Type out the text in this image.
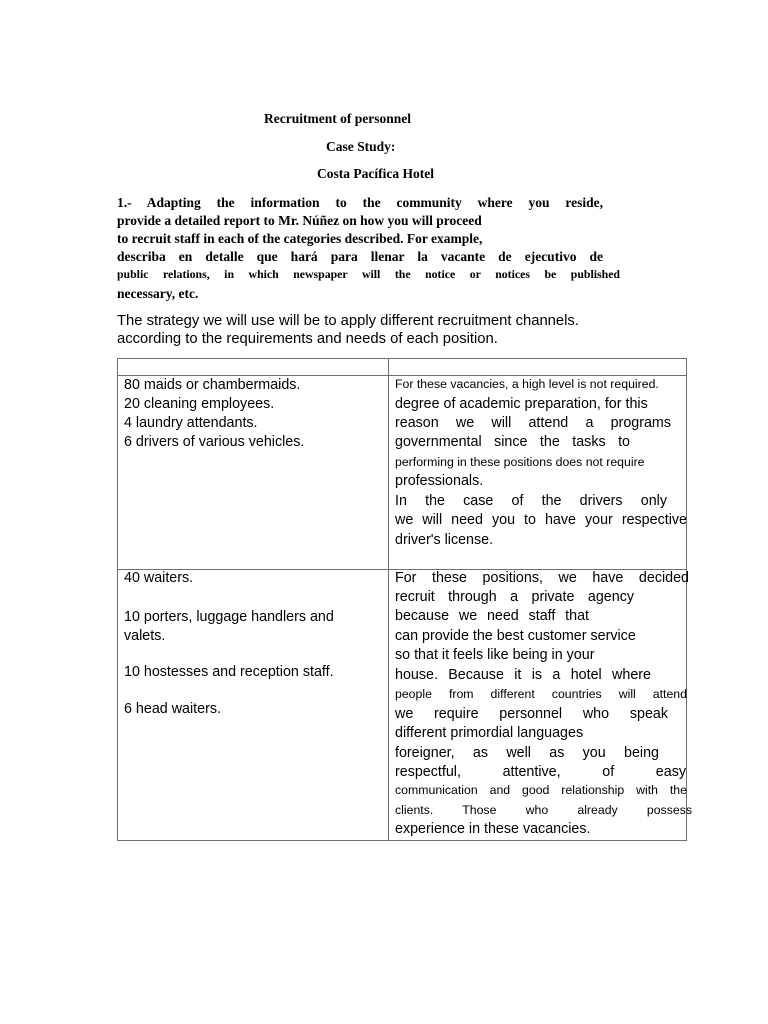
Recruitment of personnel
Case Study:
Costa Pacífica Hotel
1.- Adapting the information to the community where you reside,
provide a detailed report to Mr. Núñez on how you will proceed
to recruit staff in each of the categories described. For example,
describa en detalle que hará para llenar la vacante de ejecutivo de
public relations, in which newspaper will the notice or notices be published
necessary, etc.
The strategy we will use will be to apply different recruitment channels.
according to the requirements and needs of each position.
80 maids or chambermaids.
20 cleaning employees.
4 laundry attendants.
6 drivers of various vehicles.
For these vacancies, a high level is not required.
degree of academic preparation, for this
reason we will attend a programs
governmental since the tasks to
performing in these positions does not require
professionals.
In the case of the drivers only
we will need you to have your respective
driver's license.
40 waiters.
10 porters, luggage handlers and
valets.
10 hostesses and reception staff.
6 head waiters.
For these positions, we have decided
recruit through a private agency
because we need staff that
can provide the best customer service
so that it feels like being in your
house. Because it is a hotel where
people from different countries will attend
we require personnel who speak
different primordial languages
foreigner, as well as you being
respectful, attentive, of easy
communication and good relationship with the
clients. Those who already possess
experience in these vacancies.
